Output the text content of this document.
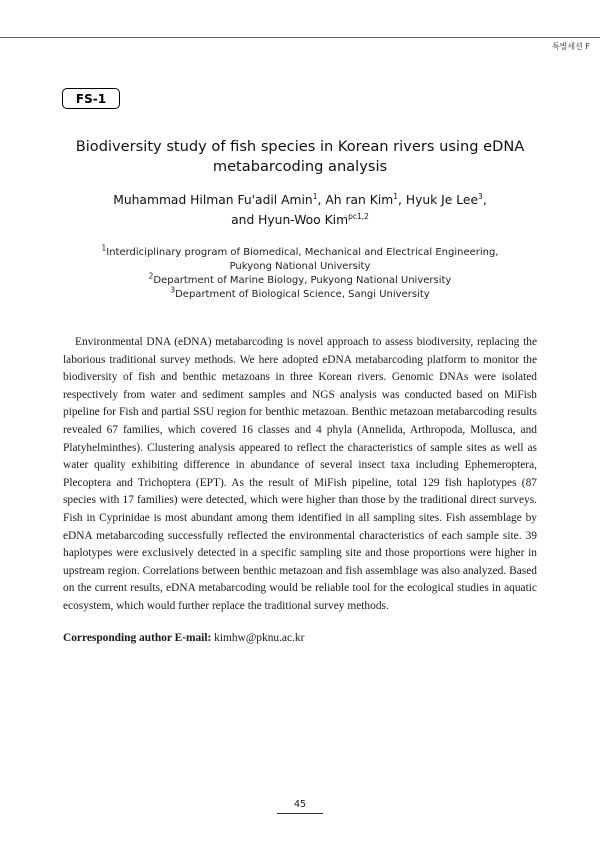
특별세션 F
FS-1
Biodiversity study of fish species in Korean rivers using eDNA
metabarcoding analysis
Muhammad Hilman Fu'adil Amin$^1$, Ah ran Kim$^1$, Hyuk Je Lee$^3$,
and Hyun-Woo Kim$^{pc1,2}$
$^1$Interdiciplinary program of Biomedical, Mechanical and Electrical Engineering,
Pukyong National University
$^2$Department of Marine Biology, Pukyong National University
$^3$Department of Biological Science, Sangi University

Environmental DNA (eDNA) metabarcoding is novel approach to assess biodiversity, replacing the laborious traditional survey methods. We here adopted eDNA metabarcoding platform to monitor the biodiversity of fish and benthic metazoans in three Korean rivers. Genomic DNAs were isolated respectively from water and sediment samples and NGS analysis was conducted based on MiFish pipeline for Fish and partial SSU region for benthic metazoan. Benthic metazoan metabarcoding results revealed 67 families, which covered 16 classes and 4 phyla (Annelida, Arthropoda, Mollusca, and Platyhelminthes). Clustering analysis appeared to reflect the characteristics of sample sites as well as water quality exhibiting difference in abundance of several insect taxa including Ephemeroptera, Plecoptera and Trichoptera (EPT). As the result of MiFish pipeline, total 129 fish haplotypes (87 species with 17 families) were detected, which were higher than those by the traditional direct surveys. Fish in Cyprinidae is most abundant among them identified in all sampling sites. Fish assemblage by eDNA metabarcoding successfully reflected the environmental characteristics of each sample site. 39 haplotypes were exclusively detected in a specific sampling site and those proportions were higher in upstream region. Correlations between benthic metazoan and fish assemblage was also analyzed. Based on the current results, eDNA metabarcoding would be reliable tool for the ecological studies in aquatic ecosystem, which would further replace the traditional survey methods.

Corresponding author E-mail: kimhw@pknu.ac.kr
45
